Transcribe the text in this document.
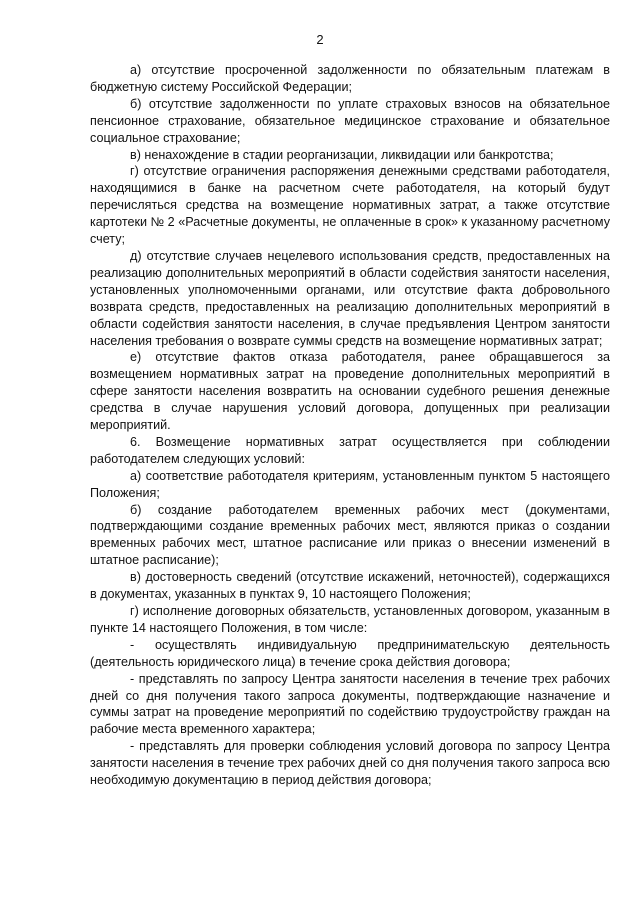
2

а) отсутствие просроченной задолженности по обязательным платежам в бюджетную систему Российской Федерации;

б) отсутствие задолженности по уплате страховых взносов на обязательное пенсионное страхование, обязательное медицинское страхование и обязательное социальное страхование;

в) ненахождение в стадии реорганизации, ликвидации или банкротства;

г) отсутствие ограничения распоряжения денежными средствами работодателя, находящимися в банке на расчетном счете работодателя, на который будут перечисляться средства на возмещение нормативных затрат, а также отсутствие картотеки № 2 «Расчетные документы, не оплаченные в срок» к указанному расчетному счету;

д) отсутствие случаев нецелевого использования средств, предоставленных на реализацию дополнительных мероприятий в области содействия занятости населения, установленных уполномоченными органами, или отсутствие факта добровольного возврата средств, предоставленных на реализацию дополнительных мероприятий в области содействия занятости населения, в случае предъявления Центром занятости населения требования о возврате суммы средств на возмещение нормативных затрат;

е) отсутствие фактов отказа работодателя, ранее обращавшегося за возмещением нормативных затрат на проведение дополнительных мероприятий в сфере занятости населения возвратить на основании судебного решения денежные средства в случае нарушения условий договора, допущенных при реализации мероприятий.

6. Возмещение нормативных затрат осуществляется при соблюдении работодателем следующих условий:

а) соответствие работодателя критериям, установленным пунктом 5 настоящего Положения;

б) создание работодателем временных рабочих мест (документами, подтверждающими создание временных рабочих мест, являются приказ о создании временных рабочих мест, штатное расписание или приказ о внесении изменений в штатное расписание);

в) достоверность сведений (отсутствие искажений, неточностей), содержащихся в документах, указанных в пунктах 9, 10 настоящего Положения;

г) исполнение договорных обязательств, установленных договором, указанным в пункте 14 настоящего Положения, в том числе:

- осуществлять индивидуальную предпринимательскую деятельность (деятельность юридического лица) в течение срока действия договора;

- представлять по запросу Центра занятости населения в течение трех рабочих дней со дня получения такого запроса документы, подтверждающие назначение и суммы затрат на проведение мероприятий по содействию трудоустройству граждан на рабочие места временного характера;

- представлять для проверки соблюдения условий договора по запросу Центра занятости населения в течение трех рабочих дней со дня получения такого запроса всю необходимую документацию в период действия договора;
